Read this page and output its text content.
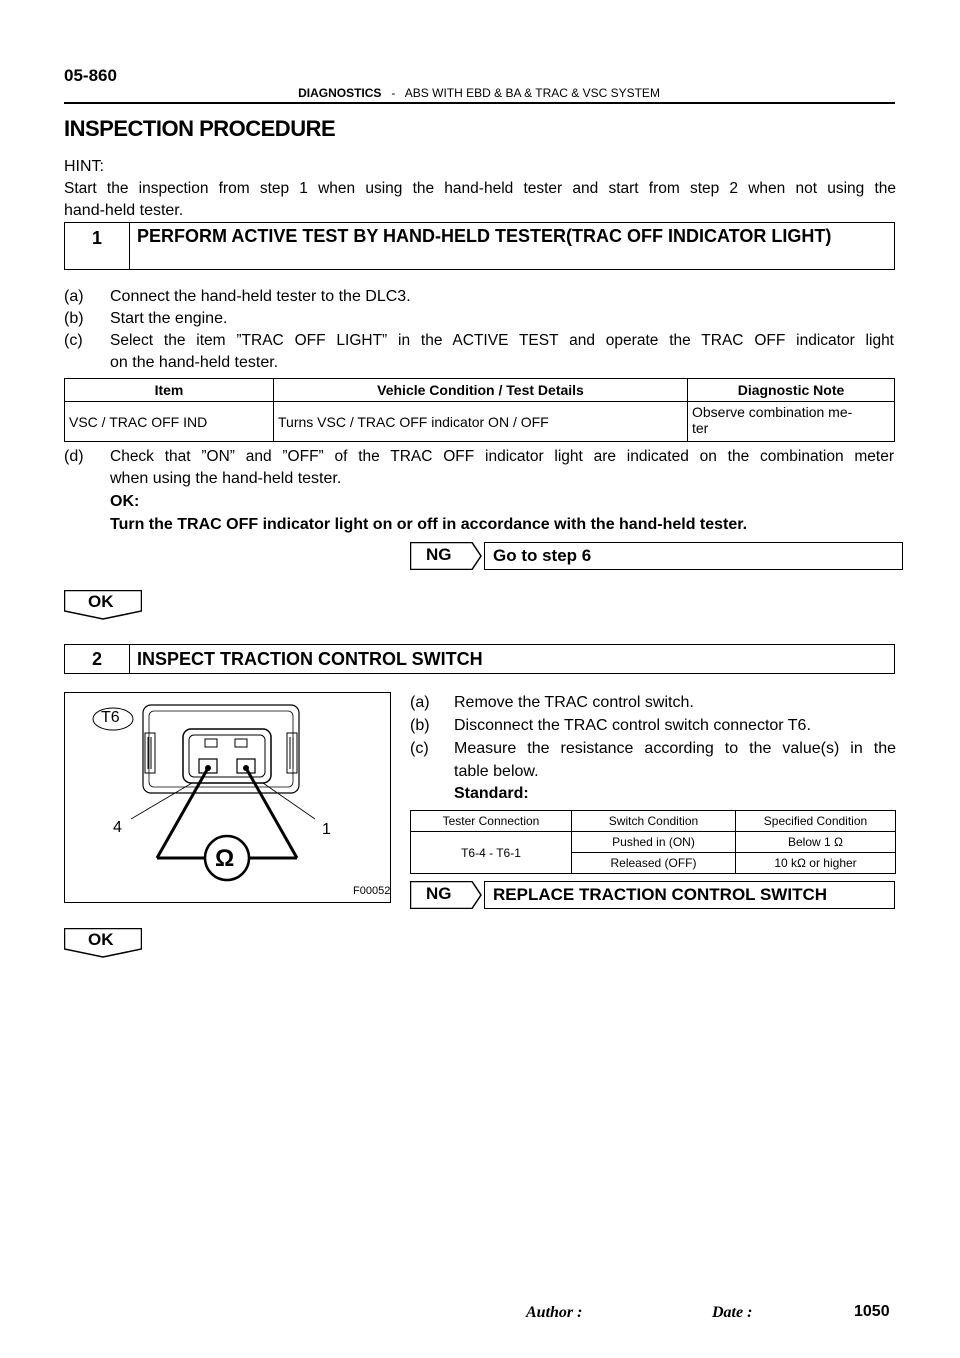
05-860
DIAGNOSTICS - ABS WITH EBD & BA & TRAC & VSC SYSTEM
INSPECTION PROCEDURE
HINT:
Start the inspection from step 1 when using the hand-held tester and start from step 2 when not using the
hand-held tester.
1	PERFORM ACTIVE TEST BY HAND-HELD TESTER(TRAC OFF INDICATOR LIGHT)
(a)	Connect the hand-held tester to the DLC3.
(b)	Start the engine.
(c)	Select the item ”TRAC OFF LIGHT” in the ACTIVE TEST and operate the TRAC OFF indicator light
on the hand-held tester.
Item	Vehicle Condition / Test Details	Diagnostic Note
VSC / TRAC OFF IND	Turns VSC / TRAC OFF indicator ON / OFF	Observe combination me-
ter
(d)	Check that ”ON” and ”OFF” of the TRAC OFF indicator light are indicated on the combination meter
when using the hand-held tester.
OK:
Turn the TRAC OFF indicator light on or off in accordance with the hand-held tester.
NG	Go to step 6
OK
2	INSPECT TRACTION CONTROL SWITCH
T6
4	1
Ω
F00052
(a)	Remove the TRAC control switch.
(b)	Disconnect the TRAC control switch connector T6.
(c)	Measure the resistance according to the value(s) in the
table below.
Standard:
Tester Connection	Switch Condition	Specified Condition
T6-4 - T6-1	Pushed in (ON)	Below 1 Ω
	Released (OFF)	10 kΩ or higher
NG	REPLACE TRACTION CONTROL SWITCH
OK
Author :	Date :	1050
